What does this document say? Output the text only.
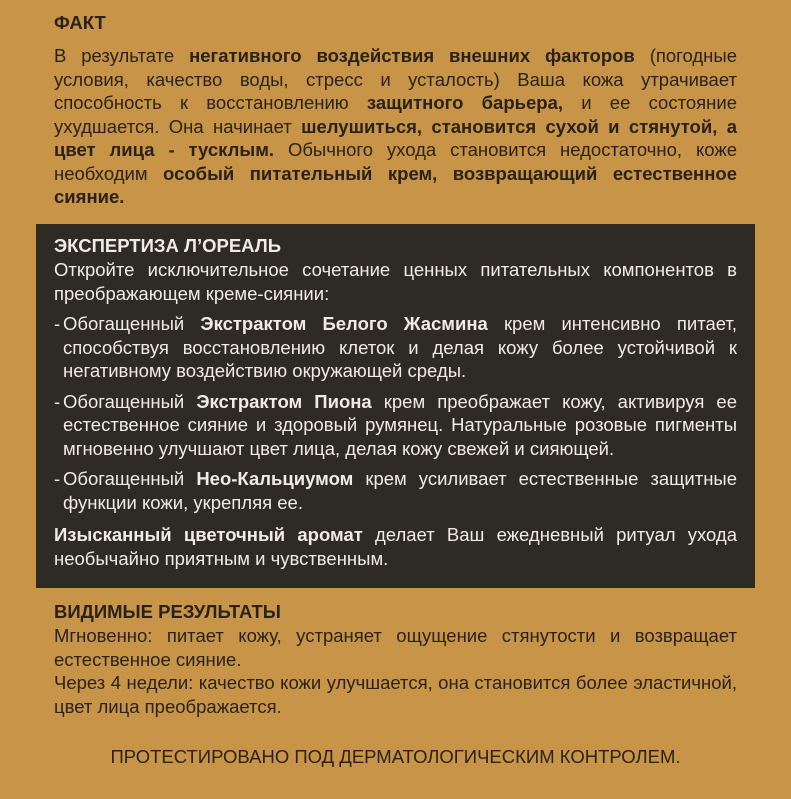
ФАКТ

В результате негативного воздействия внешних факторов (погодные условия, качество воды, стресс и усталость) Ваша кожа утрачивает способность к восстановлению защитного барьера, и ее состояние ухудшается. Она начинает шелушиться, становится сухой и стянутой, а цвет лица - тусклым. Обычного ухода становится недостаточно, коже необходим особый питательный крем, возвращающий естественное сияние.

ЭКСПЕРТИЗА Л’ОРЕАЛЬ

Откройте исключительное сочетание ценных питательных компонентов в преображающем креме-сиянии:

- Обогащенный Экстрактом Белого Жасмина крем интенсивно питает, способствуя восстановлению клеток и делая кожу более устойчивой к негативному воздействию окружающей среды.

- Обогащенный Экстрактом Пиона крем преображает кожу, активируя ее естественное сияние и здоровый румянец. Натуральные розовые пигменты мгновенно улучшают цвет лица, делая кожу свежей и сияющей.

- Обогащенный Нео-Кальциумом крем усиливает естественные защитные функции кожи, укрепляя ее.

Изысканный цветочный аромат делает Ваш ежедневный ритуал ухода необычайно приятным и чувственным.

ВИДИМЫЕ РЕЗУЛЬТАТЫ

Мгновенно: питает кожу, устраняет ощущение стянутости и возвращает естественное сияние.

Через 4 недели: качество кожи улучшается, она становится более эластичной, цвет лица преображается.

ПРОТЕСТИРОВАНО ПОД ДЕРМАТОЛОГИЧЕСКИМ КОНТРОЛЕМ.
